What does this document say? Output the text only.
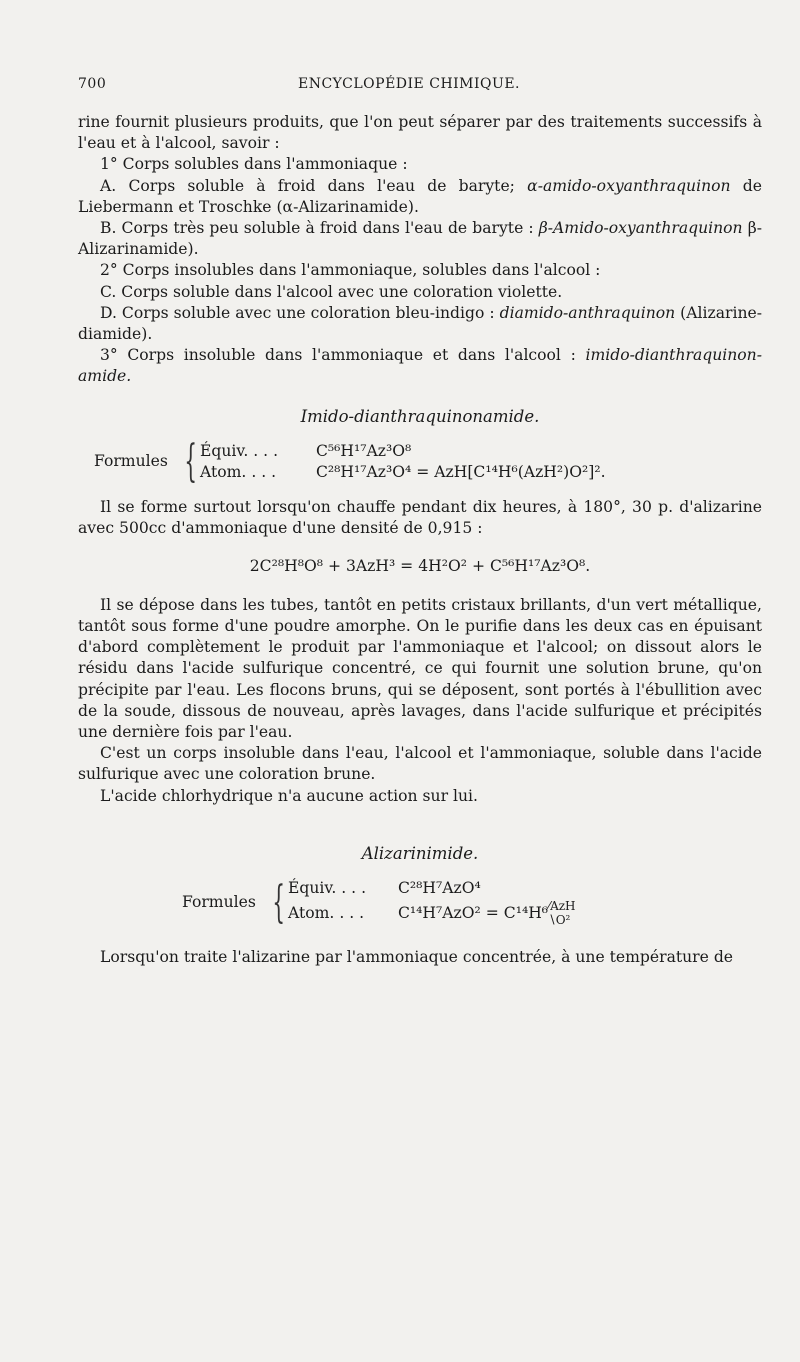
700	ENCYCLOPÉDIE CHIMIQUE.

rine fournit plusieurs produits, que l'on peut séparer par des traitements successifs à l'eau et à l'alcool, savoir :

1° Corps solubles dans l'ammoniaque :

A. Corps soluble à froid dans l'eau de baryte; α-amido-oxyanthraquinon de Liebermann et Troschke (α-Alizarinamide).

B. Corps très peu soluble à froid dans l'eau de baryte : β-Amido-oxyanthraquinon β-Alizarinamide).

2° Corps insolubles dans l'ammoniaque, solubles dans l'alcool :

C. Corps soluble dans l'alcool avec une coloration violette.

D. Corps soluble avec une coloration bleu-indigo : diamido-anthraquinon (Alizarine-diamide).

3° Corps insoluble dans l'ammoniaque et dans l'alcool : imido-dianthraquinon-amide.

Imido-dianthraquinonamide.
Formules { Équiv. . . .	C⁵⁶H¹⁷Az³O⁸
Atom. . . .	C²⁸H¹⁷Az³O⁴ = AzH[C¹⁴H⁶(AzH²)O²]².

Il se forme surtout lorsqu'on chauffe pendant dix heures, à 180°, 30 p. d'alizarine avec 500cc d'ammoniaque d'une densité de 0,915 :

2C²⁸H⁸O⁸ + 3AzH³ = 4H²O² + C⁵⁶H¹⁷Az³O⁸.

Il se dépose dans les tubes, tantôt en petits cristaux brillants, d'un vert métallique, tantôt sous forme d'une poudre amorphe. On le purifie dans les deux cas en épuisant d'abord complètement le produit par l'ammoniaque et l'alcool; on dissout alors le résidu dans l'acide sulfurique concentré, ce qui fournit une solution brune, qu'on précipite par l'eau. Les flocons bruns, qui se déposent, sont portés à l'ébullition avec de la soude, dissous de nouveau, après lavages, dans l'acide sulfurique et précipités une dernière fois par l'eau.

C'est un corps insoluble dans l'eau, l'alcool et l'ammoniaque, soluble dans l'acide sulfurique avec une coloration brune.

L'acide chlorhydrique n'a aucune action sur lui.

Alizarinimide.
Formules { Équiv. . . .	C²⁸H⁷AzO⁴
Atom. . . .	C¹⁴H⁷AzO² = C¹⁴H⁶ ⁄AzH
∖O²

Lorsqu'on traite l'alizarine par l'ammoniaque concentrée, à une température de
